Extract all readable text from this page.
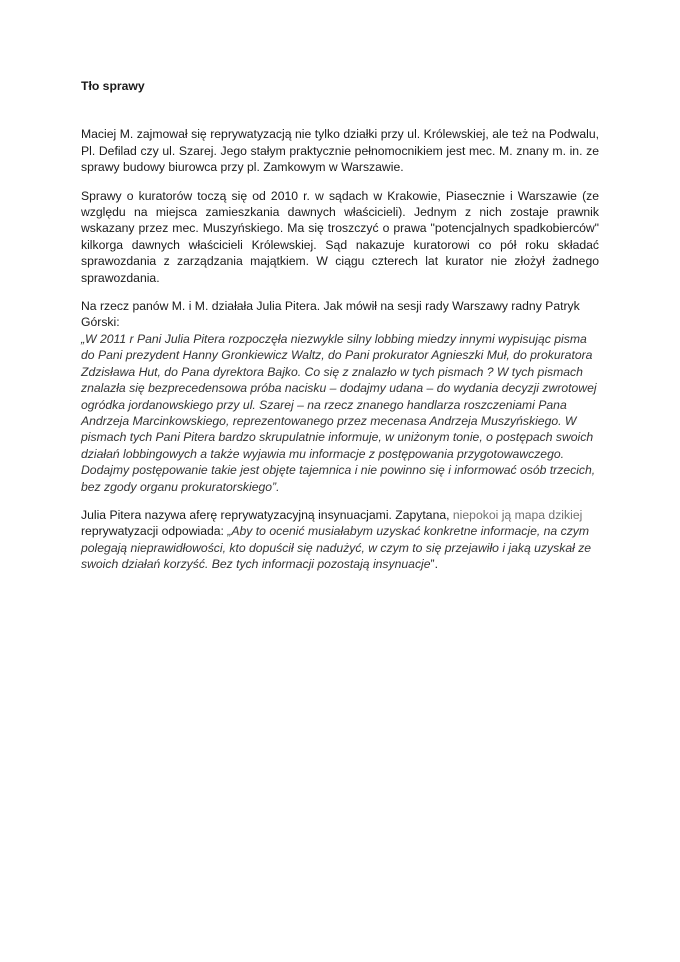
Tło sprawy

Maciej M. zajmował się reprywatyzacją nie tylko działki przy ul. Królewskiej, ale też na Podwalu, Pl. Defilad czy ul. Szarej. Jego stałym praktycznie pełnomocnikiem jest mec. M. znany m. in. ze sprawy budowy biurowca przy pl. Zamkowym w Warszawie.

Sprawy o kuratorów toczą się od 2010 r. w sądach w Krakowie, Piasecznie i Warszawie (ze względu na miejsca zamieszkania dawnych właścicieli). Jednym z nich zostaje prawnik wskazany przez mec. Muszyńskiego. Ma się troszczyć o prawa "potencjalnych spadkobierców" kilkorga dawnych właścicieli Królewskiej. Sąd nakazuje kuratorowi co pół roku składać sprawozdania z zarządzania majątkiem. W ciągu czterech lat kurator nie złożył żadnego sprawozdania.

Na rzecz panów M. i M. działała Julia Pitera. Jak mówił na sesji rady Warszawy radny Patryk Górski:
„W 2011 r Pani Julia Pitera rozpoczęła niezwykle silny lobbing miedzy innymi wypisując pisma do Pani prezydent Hanny Gronkiewicz Waltz, do Pani prokurator Agnieszki Muł, do prokuratora Zdzisława Hut, do Pana dyrektora Bajko. Co się z znalazło w tych pismach ? W tych pismach znalazła się bezprecedensowa próba nacisku – dodajmy udana – do wydania decyzji zwrotowej ogródka jordanowskiego przy ul. Szarej – na rzecz znanego handlarza roszczeniami Pana Andrzeja Marcinkowskiego, reprezentowanego przez mecenasa Andrzeja Muszyńskiego. W pismach tych Pani Pitera bardzo skrupulatnie informuje, w uniżonym tonie, o postępach swoich działań lobbingowych a także wyjawia mu informacje z postępowania przygotowawczego. Dodajmy postępowanie takie jest objęte tajemnica i nie powinno się i informować osób trzecich, bez zgody organu prokuratorskiego”.

Julia Pitera nazywa aferę reprywatyzacyjną insynuacjami. Zapytana, niepokoi ją mapa dzikiej
reprywatyzacji odpowiada: „Aby to ocenić musiałabym uzyskać konkretne informacje, na czym polegają nieprawidłowości, kto dopuścił się nadużyć, w czym to się przejawiło i jaką uzyskał ze swoich działań korzyść. Bez tych informacji pozostają insynuacje”.
